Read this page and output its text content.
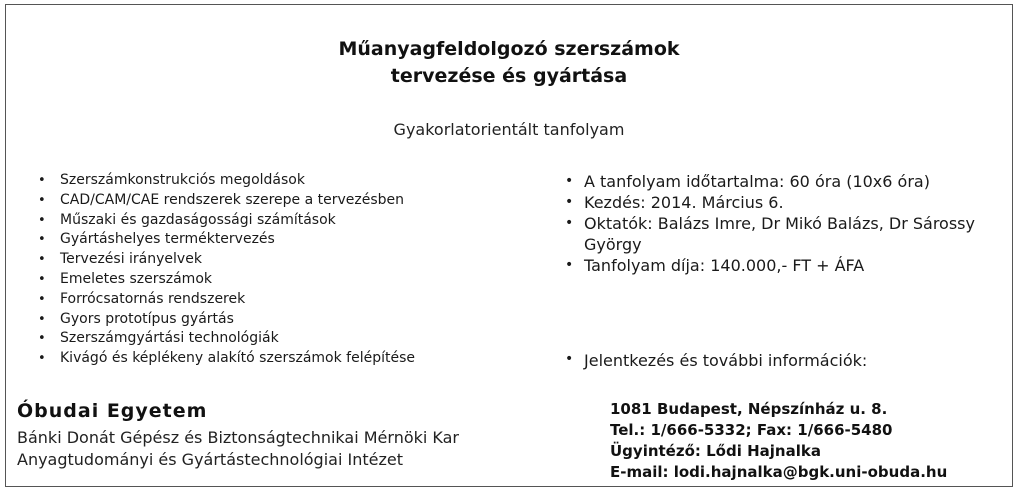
Műanyagfeldolgozó szerszámok
tervezése és gyártása
Gyakorlatorientált tanfolyam
• Szerszámkonstrukciós megoldások
• CAD/CAM/CAE rendszerek szerepe a tervezésben
• Műszaki és gazdaságossági számítások
• Gyártáshelyes terméktervezés
• Tervezési irányelvek
• Emeletes szerszámok
• Forrócsatornás rendszerek
• Gyors prototípus gyártás
• Szerszámgyártási technológiák
• Kivágó és képlékeny alakító szerszámok felépítése
• A tanfolyam időtartalma: 60 óra (10x6 óra)
• Kezdés: 2014. Március 6.
• Oktatók: Balázs Imre, Dr Mikó Balázs, Dr Sárossy György
• Tanfolyam díja: 140.000,- FT + ÁFA
• Jelentkezés és további információk:
Óbudai Egyetem
Bánki Donát Gépész és Biztonságtechnikai Mérnöki Kar
Anyagtudományi és Gyártástechnológiai Intézet
1081 Budapest, Népszínház u. 8.
Tel.: 1/666-5332; Fax: 1/666-5480
Ügyintéző: Lődi Hajnalka
E-mail: lodi.hajnalka@bgk.uni-obuda.hu
